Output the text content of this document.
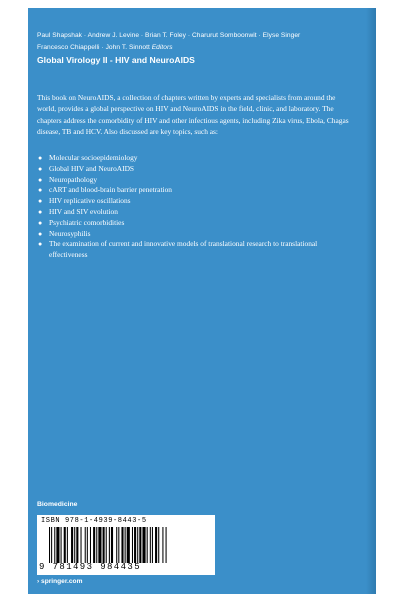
Paul Shapshak · Andrew J. Levine · Brian T. Foley · Charurut Somboonwit · Elyse Singer
Francesco Chiappelli · John T. Sinnott Editors
Global Virology II - HIV and NeuroAIDS
This book on NeuroAIDS, a collection of chapters written by experts and specialists from around the world, provides a global perspective on HIV and NeuroAIDS in the field, clinic, and laboratory. The chapters address the comorbidity of HIV and other infectious agents, including Zika virus, Ebola, Chagas disease, TB and HCV. Also discussed are key topics, such as:
● Molecular socioepidemiology
● Global HIV and NeuroAIDS
● Neuropathology
● cART and blood-brain barrier penetration
● HIV replicative oscillations
● HIV and SIV evolution
● Psychiatric comorbidities
● Neurosyphilis
● The examination of current and innovative models of translational research to translational effectiveness
Biomedicine
ISBN 978-1-4939-8443-5
9 781493 984435
› springer.com
